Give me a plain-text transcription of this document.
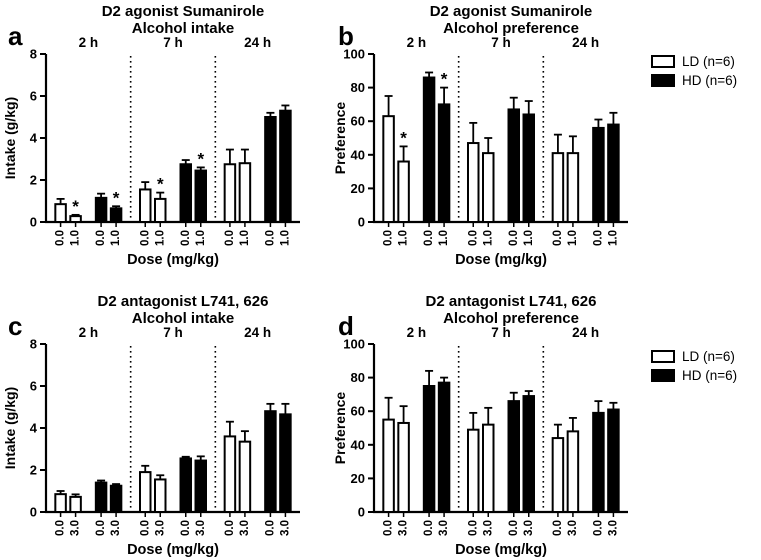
a
D2 agonist Sumanirole
Alcohol intake
0
2
4
6
8
Intake (g/kg)
Dose (mg/kg)
2 h
0.0
*
1.0 0.0
*
1.0
7 h
0.0
*
1.0 0.0
*
1.0
24 h
0.0 1.0 0.0 1.0
b
D2 agonist Sumanirole
Alcohol preference
0
20
40
60
80
100
Preference
Dose (mg/kg)
2 h
0.0
*
1.0 0.0
*
1.0
7 h
0.0 1.0 0.0 1.0
24 h
0.0 1.0 0.0 1.0
c
D2 antagonist L741, 626
Alcohol intake
0
2
4
6
8
Intake (g/kg)
Dose (mg/kg)
2 h
0.0 3.0 0.0 3.0
7 h
0.0 3.0 0.0 3.0
24 h
0.0 3.0 0.0 3.0
d
D2 antagonist L741, 626
Alcohol preference
0
20
40
60
80
100
Preference
Dose (mg/kg)
2 h
0.0 3.0 0.0 3.0
7 h
0.0 3.0 0.0 3.0
24 h
0.0 3.0 0.0 3.0
LD (n=6)
HD (n=6)
LD (n=6)
HD (n=6)
